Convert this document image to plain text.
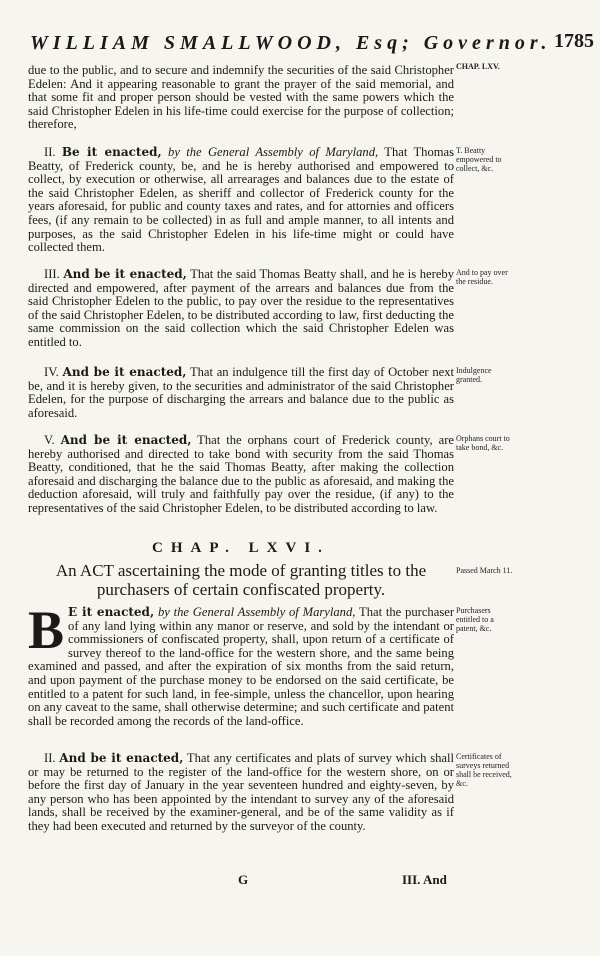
WILLIAM SMALLWOOD, Esq; Governor. 1785
CHAP. LXV.

due to the public, and to secure and indemnify the securities of the said Christopher Edelen: And it appearing reasonable to grant the prayer of the said memorial, and that some fit and proper person should be vested with the same powers which the said Christopher Edelen in his life-time could exercise for the purpose of collection; therefore,

T. Beatty empowered to collect, &c.

II. Be it enacted, by the General Assembly of Maryland, That Thomas Beatty, of Frederick county, be, and he is hereby authorised and empowered to collect, by execution or otherwise, all arrearages and balances due to the estate of the said Christopher Edelen, as sheriff and collector of Frederick county for the years aforesaid, for public and county taxes and rates, and for attornies and officers fees, (if any remain to be collected) in as full and ample manner, to all intents and purposes, as the said Christopher Edelen in his life-time might or could have collected them.

And to pay over the residue.

III. And be it enacted, That the said Thomas Beatty shall, and he is hereby directed and empowered, after payment of the arrears and balances due from the said Christopher Edelen to the public, to pay over the residue to the representatives of the said Christopher Edelen, to be distributed according to law, first deducting the same commission on the said collection which the said Christopher Edelen was entitled to.

Indulgence granted.

IV. And be it enacted, That an indulgence till the first day of October next be, and it is hereby given, to the securities and administrator of the said Christopher Edelen, for the purpose of discharging the arrears and balance due to the public as aforesaid.

Orphans court to take bond, &c.

V. And be it enacted, That the orphans court of Frederick county, are hereby authorised and directed to take bond with security from the said Thomas Beatty, conditioned, that he the said Thomas Beatty, after making the collection aforesaid and discharging the balance due to the public as aforesaid, and making the deduction aforesaid, will truly and faithfully pay over the residue, (if any) to the representatives of the said Christopher Edelen, to be distributed according to law.

CHAP. LXVI.
Passed March 11.
An ACT ascertaining the mode of granting titles to the purchasers of certain confiscated property.
Purchasers entitled to a patent, &c.

B E it enacted, by the General Assembly of Maryland, That the purchaser of any land lying within any manor or reserve, and sold by the intendant or commissioners of confiscated property, shall, upon return of a certificate of survey thereof to the land-office for the western shore, and the same being examined and passed, and after the expiration of six months from the said return, and upon payment of the purchase money to be endorsed on the said certificate, be entitled to a patent for such land, in fee-simple, unless the chancellor, upon hearing on any caveat to the same, shall otherwise determine; and such certificate and patent shall be recorded among the records of the land-office.

Certificates of surveys returned shall be received, &c.

II. And be it enacted, That any certificates and plats of survey which shall or may be returned to the register of the land-office for the western shore, on or before the first day of January in the year seventeen hundred and eighty-seven, by any person who has been appointed by the intendant to survey any of the aforesaid lands, shall be received by the examiner-general, and be of the same validity as if they had been executed and returned by the surveyor of the county.

G	III. And
